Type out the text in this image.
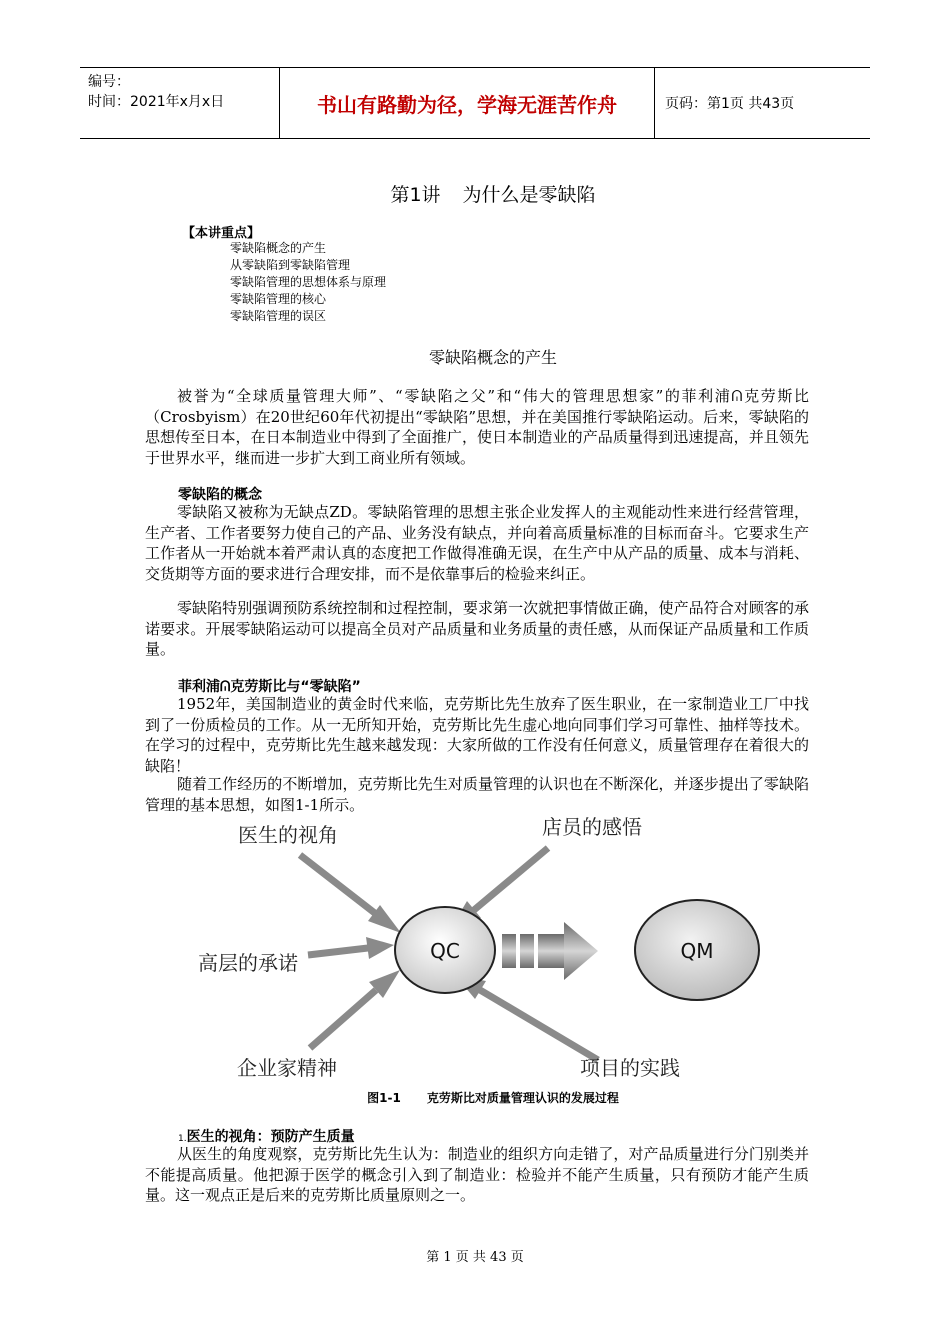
编号：
时间：2021年x月x日	书山有路勤为径，学海无涯苦作舟	页码：第1页 共43页
第1讲 为什么是零缺陷
【本讲重点】
零缺陷概念的产生
从零缺陷到零缺陷管理
零缺陷管理的思想体系与原理
零缺陷管理的核心
零缺陷管理的误区
零缺陷概念的产生

被誉为“全球质量管理大师”、“零缺陷之父”和“伟大的管理思想家”的菲利浦ᕬ克劳斯比（Crosbyism）在20世纪60年代初提出“零缺陷”思想，并在美国推行零缺陷运动。后来，零缺陷的思想传至日本，在日本制造业中得到了全面推广，使日本制造业的产品质量得到迅速提高，并且领先于世界水平，继而进一步扩大到工商业所有领域。

零缺陷的概念

零缺陷又被称为无缺点ZD。零缺陷管理的思想主张企业发挥人的主观能动性来进行经营管理，生产者、工作者要努力使自己的产品、业务没有缺点，并向着高质量标准的目标而奋斗。它要求生产工作者从一开始就本着严肃认真的态度把工作做得准确无误，在生产中从产品的质量、成本与消耗、交货期等方面的要求进行合理安排，而不是依靠事后的检验来纠正。

零缺陷特别强调预防系统控制和过程控制，要求第一次就把事情做正确，使产品符合对顾客的承诺要求。开展零缺陷运动可以提高全员对产品质量和业务质量的责任感，从而保证产品质量和工作质量。

菲利浦ᕬ克劳斯比与“零缺陷”

1952年，美国制造业的黄金时代来临，克劳斯比先生放弃了医生职业，在一家制造业工厂中找到了一份质检员的工作。从一无所知开始，克劳斯比先生虚心地向同事们学习可靠性、抽样等技术。在学习的过程中，克劳斯比先生越来越发现：大家所做的工作没有任何意义，质量管理存在着很大的缺陷！

随着工作经历的不断增加，克劳斯比先生对质量管理的认识也在不断深化，并逐步提出了零缺陷管理的基本思想，如图1-1所示。

QC	QM
医生的视角	店员的感悟
高层的承诺
企业家精神	项目的实践
图1-1 克劳斯比对质量管理认识的发展过程
1.医生的视角：预防产生质量

从医生的角度观察，克劳斯比先生认为：制造业的组织方向走错了，对产品质量进行分门别类并不能提高质量。他把源于医学的概念引入到了制造业：检验并不能产生质量，只有预防才能产生质量。这一观点正是后来的克劳斯比质量原则之一。

第 1 页 共 43 页
